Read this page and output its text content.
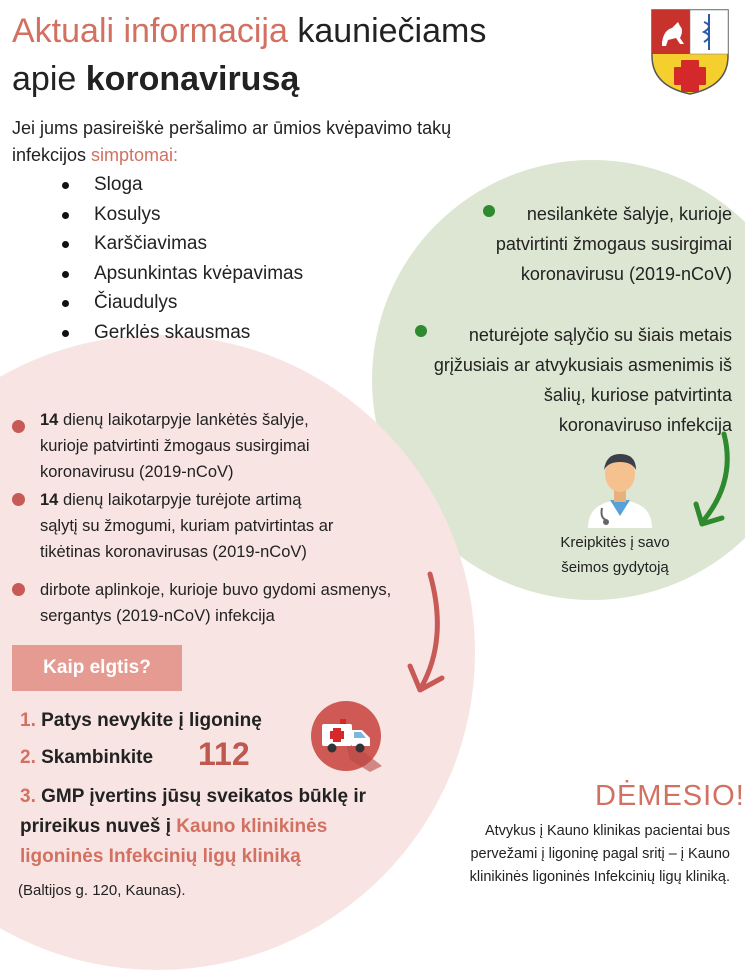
Aktuali informacija kauniečiams
apie koronavirusą
Jei jums pasireiškė peršalimo ar ūmios kvėpavimo takų
infekcijos simptomai:
Sloga
Kosulys
Karščiavimas
Apsunkintas kvėpavimas
Čiaudulys
Gerklės skausmas
nesilankėte šalyje, kurioje
patvirtinti žmogaus susirgimai
koronavirusu (2019-nCoV)
neturėjote sąlyčio su šiais metais
grįžusiais ar atvykusiais asmenimis iš
šalių, kuriose patvirtinta
koronaviruso infekcija
Kreipkitės į savo
šeimos gydytoją
14 dienų laikotarpyje lankėtės šalyje,
kurioje patvirtinti žmogaus susirgimai
koronavirusu (2019-nCoV)
14 dienų laikotarpyje turėjote artimą
sąlytį su žmogumi, kuriam patvirtintas ar
tikėtinas koronavirusas (2019-nCoV)
dirbote aplinkoje, kurioje buvo gydomi asmenys,
sergantys (2019-nCoV) infekcija
Kaip elgtis?
1. Patys nevykite į ligoninę
2. Skambinkite 112
3. GMP įvertins jūsų sveikatos būklę ir
prireikus nuveš į Kauno klinikinės
ligoninės Infekcinių ligų kliniką
(Baltijos g. 120, Kaunas).
DĖMESIO!
Atvykus į Kauno klinikas pacientai bus
pervežami į ligoninę pagal sritį – į Kauno
klinikinės ligoninės Infekcinių ligų kliniką.
